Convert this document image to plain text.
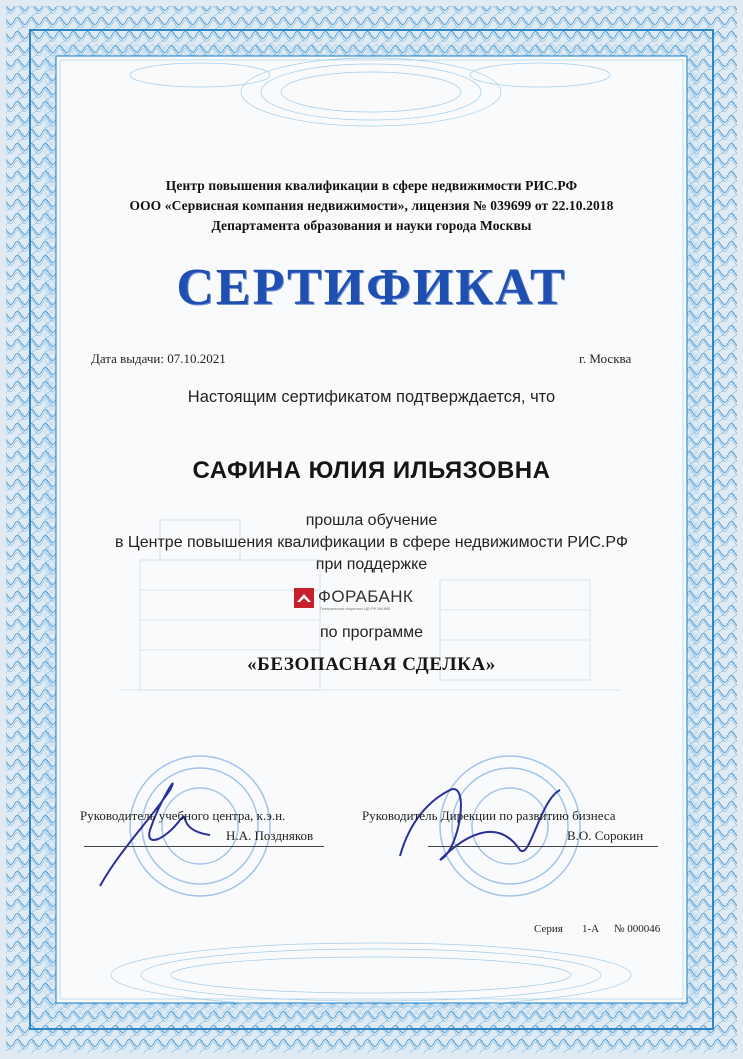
Центр повышения квалификации в сфере недвижимости РИС.РФ
ООО «Сервисная компания недвижимости», лицензия № 039699 от 22.10.2018
Департамента образования и науки города Москвы
СЕРТИФИКАТ
Дата выдачи: 07.10.2021	г. Москва
Настоящим сертификатом подтверждается, что
САФИНА ЮЛИЯ ИЛЬЯЗОВНА
прошла обучение
в Центре повышения квалификации в сфере недвижимости РИС.РФ
при поддержке
ФОРАБАНК
Генеральная лицензия ЦБ РФ №1885
по программе
«БЕЗОПАСНАЯ СДЕЛКА»
Руководитель учебного центра, к.э.н.
Н.А. Поздняков
Руководитель Дирекции по развитию бизнеса
В.О. Сорокин
Серия 1-А № 000046
